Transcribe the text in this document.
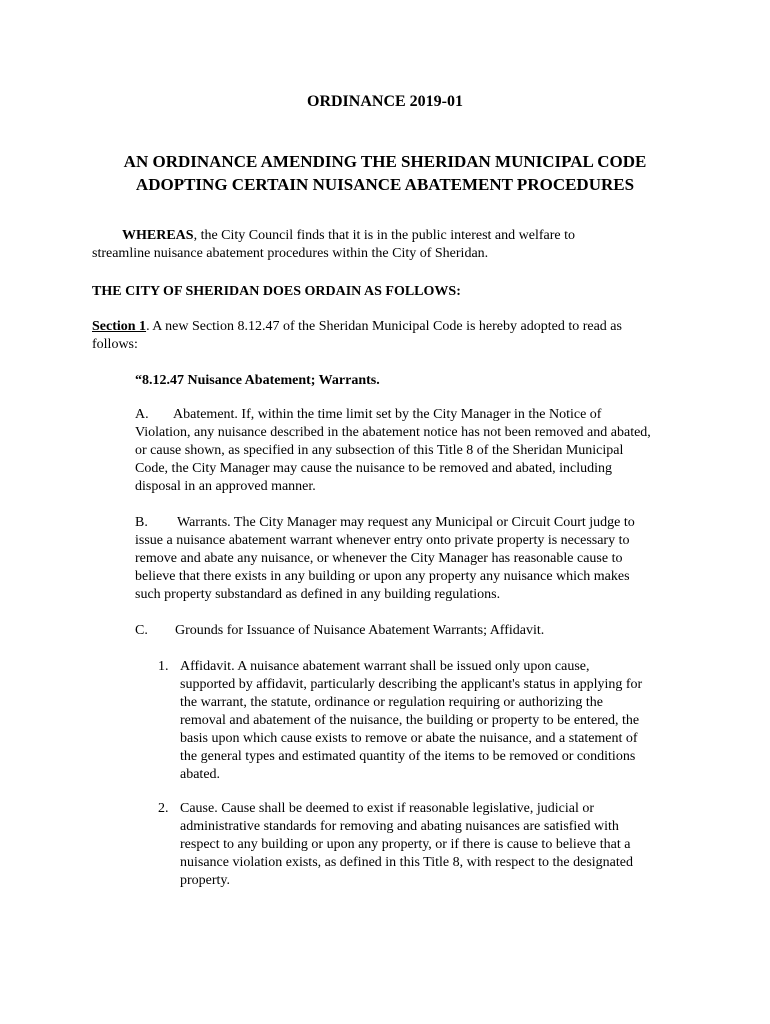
ORDINANCE 2019-01
AN ORDINANCE AMENDING THE SHERIDAN MUNICIPAL CODE
ADOPTING CERTAIN NUISANCE ABATEMENT PROCEDURES

WHEREAS, the City Council finds that it is in the public interest and welfare to
streamline nuisance abatement procedures within the City of Sheridan.

THE CITY OF SHERIDAN DOES ORDAIN AS FOLLOWS:

Section 1. A new Section 8.12.47 of the Sheridan Municipal Code is hereby adopted to read as
follows:

“8.12.47 Nuisance Abatement; Warrants.

A. Abatement. If, within the time limit set by the City Manager in the Notice of
Violation, any nuisance described in the abatement notice has not been removed and abated,
or cause shown, as specified in any subsection of this Title 8 of the Sheridan Municipal
Code, the City Manager may cause the nuisance to be removed and abated, including
disposal in an approved manner.

B. Warrants. The City Manager may request any Municipal or Circuit Court judge to
issue a nuisance abatement warrant whenever entry onto private property is necessary to
remove and abate any nuisance, or whenever the City Manager has reasonable cause to
believe that there exists in any building or upon any property any nuisance which makes
such property substandard as defined in any building regulations.

C. Grounds for Issuance of Nuisance Abatement Warrants; Affidavit.

1. Affidavit. A nuisance abatement warrant shall be issued only upon cause,
supported by affidavit, particularly describing the applicant's status in applying for
the warrant, the statute, ordinance or regulation requiring or authorizing the
removal and abatement of the nuisance, the building or property to be entered, the
basis upon which cause exists to remove or abate the nuisance, and a statement of
the general types and estimated quantity of the items to be removed or conditions
abated.

2. Cause. Cause shall be deemed to exist if reasonable legislative, judicial or
administrative standards for removing and abating nuisances are satisfied with
respect to any building or upon any property, or if there is cause to believe that a
nuisance violation exists, as defined in this Title 8, with respect to the designated
property.
